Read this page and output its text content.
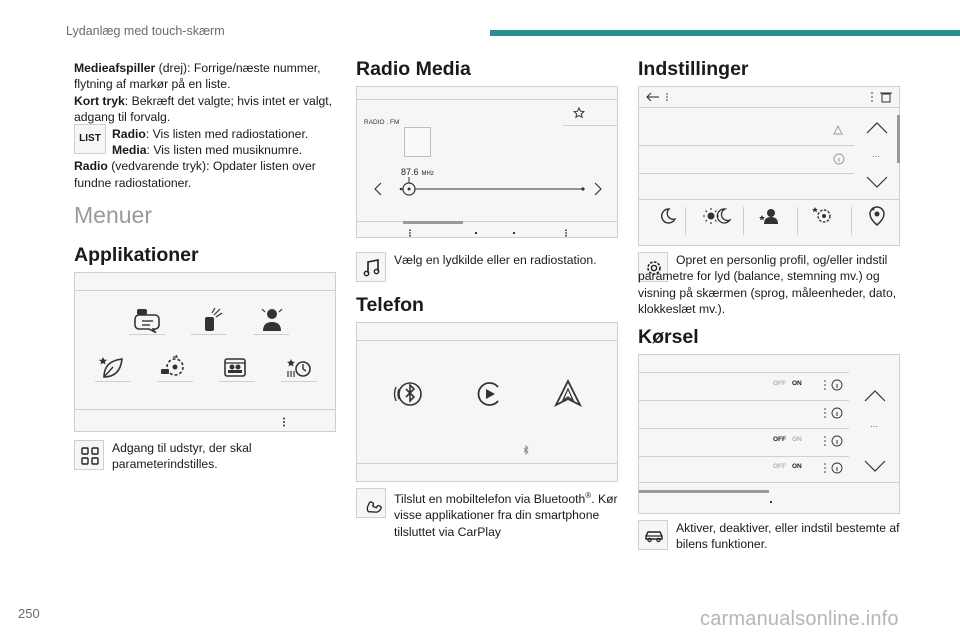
Lydanlæg med touch-skærm
Medieafspiller (drej): Forrige/næste nummer, flytning af markør på en liste.
Kort tryk: Bekræft det valgte; hvis intet er valgt, adgang til forvalg.
Radio: Vis listen med radiostationer.
Media: Vis listen med musiknumre.
Radio (vedvarende tryk): Opdater listen over fundne radiostationer.
LIST
Menuer
Applikationer
Adgang til udstyr, der skal parameterindstilles.
Radio Media
RADIO . FM
87.6 MHz
Vælg en lydkilde eller en radiostation.
Telefon
Tilslut en mobiltelefon via Bluetooth®. Kør visse applikationer fra din smartphone tilsluttet via CarPlay
Indstillinger
···
Opret en personlig profil, og/eller indstil parametre for lyd (balance, stemning mv.) og visning på skærmen (sprog, måleenheder, dato, klokkeslæt mv.).
Kørsel
OFF ON
OFF ON
OFF ON
···
Aktiver, deaktiver, eller indstil bestemte af bilens funktioner.
250	carmanualsonline.info
